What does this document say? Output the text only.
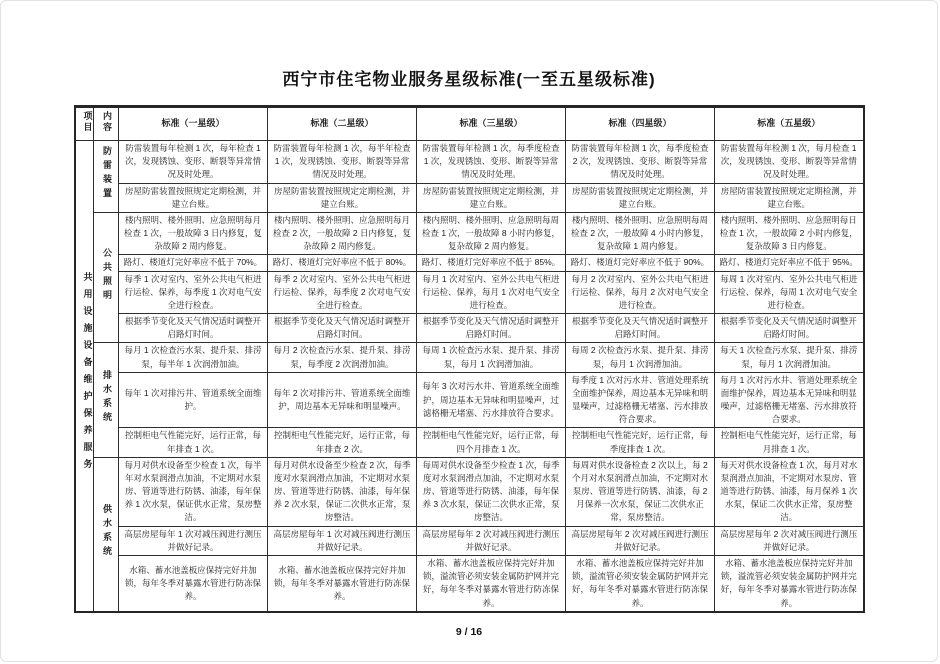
西宁市住宅物业服务星级标准(一至五星级标准)
项目	内容	标准（一星级）	标准（二星级）	标准（三星级）	标准（四星级）	标准（五星级）
共用设施设备维护保养服务	防雷装置	防雷装置每年检测 1 次，每年检查 1 次，发现锈蚀、变形、断裂等异常情况及时处理。	防雷装置每年检测 1 次，每半年检查 1 次，发现锈蚀、变形、断裂等异常情况及时处理。	防雷装置每年检测 1 次，每季度检查 1 次，发现锈蚀、变形、断裂等异常情况及时处理。	防雷装置每年检测 1 次，每季度检查 2 次，发现锈蚀、变形、断裂等异常情况及时处理。	防雷装置每年检测 1 次，每月检查 1 次，发现锈蚀、变形、断裂等异常情况及时处理。
		房屋防雷装置按照规定定期检测，并建立台账。	房屋防雷装置按照规定定期检测，并建立台账。	房屋防雷装置按照规定定期检测，并建立台账。	房屋防雷装置按照规定定期检测，并建立台账。	房屋防雷装置按照规定定期检测，并建立台账。
	公共照明	楼内照明、楼外照明、应急照明每月检查 1 次，一般故障 3 日内修复，复杂故障 2 周内修复。	楼内照明、楼外照明、应急照明每月检查 2 次，一般故障 2 日内修复，复杂故障 2 周内修复。	楼内照明、楼外照明、应急照明每周检查 1 次，一般故障 8 小时内修复，复杂故障 2 周内修复。	楼内照明、楼外照明、应急照明每周检查 2 次，一般故障 4 小时内修复，复杂故障 1 周内修复。	楼内照明、楼外照明、应急照明每日检查 1 次，一般故障 2 小时内修复，复杂故障 3 日内修复。
		路灯、楼道灯完好率应不低于 70%。	路灯、楼道灯完好率应不低于 80%。	路灯、楼道灯完好率应不低于 85%。	路灯、楼道灯完好率应不低于 90%。	路灯、楼道灯完好率应不低于 95%。
		每季 1 次对室内、室外公共电气柜进行运检、保养，每季度 1 次对电气安全进行检查。	每季 2 次对室内、室外公共电气柜进行运检、保养，每季度 2 次对电气安全进行检查。	每月 1 次对室内、室外公共电气柜进行运检、保养，每月 1 次对电气安全进行检查。	每月 2 次对室内、室外公共电气柜进行运检、保养，每月 2 次对电气安全进行检查。	每周 1 次对室内、室外公共电气柜进行运检、保养，每周 1 次对电气安全进行检查。
		根据季节变化及天气情况适时调整开启路灯时间。	根据季节变化及天气情况适时调整开启路灯时间。	根据季节变化及天气情况适时调整开启路灯时间。	根据季节变化及天气情况适时调整开启路灯时间。	根据季节变化及天气情况适时调整开启路灯时间。
	排水系统	每月 1 次检查污水泵、提升泵、排涝泵，每半年 1 次润滑加油。	每月 2 次检查污水泵、提升泵、排涝泵，每季度 2 次润滑加油。	每周 1 次检查污水泵、提升泵、排涝泵，每月 1 次润滑加油。	每周 2 次检查污水泵、提升泵、排涝泵，每月 1 次润滑加油。	每天 1 次检查污水泵、提升泵、排涝泵，每月 1 次润滑加油。
		每年 1 次对排污井、管道系统全面维护。	每年 2 次对排污井、管道系统全面维护，周边基本无异味和明显噪声。	每年 3 次对污水井、管道系统全面维护，周边基本无异味和明显噪声，过滤格栅无堵塞、污水排放符合要求。	每季度 1 次对污水井、管道处理系统全面维护保养，周边基本无异味和明显噪声，过滤格栅无堵塞、污水排放符合要求。	每月 1 次对污水井、管道处理系统全面维护保养，周边基本无异味和明显噪声，过滤格栅无堵塞、污水排放符合要求。
		控制柜电气性能完好，运行正常，每年排查 1 次。	控制柜电气性能完好，运行正常，每年排查 2 次。	控制柜电气性能完好，运行正常，每四个月排查 1 次。	控制柜电气性能完好，运行正常，每季度排查 1 次。	控制柜电气性能完好，运行正常，每月排查 1 次。
	供水系统	每月对供水设备至少检查 1 次，每半年对水泵润滑点加油，不定期对水泵房、管道等进行防锈、油漆，每年保养 1 次水泵，保证供水正常，泵房整洁。	每月对供水设备至少检查 2 次，每季度对水泵润滑点加油，不定期对水泵房、管道等进行防锈、油漆，每年保养 2 次水泵，保证二次供水正常，泵房整洁。	每周对供水设备至少检查 1 次，每季度对水泵润滑点加油，不定期对水泵房、管道等进行防锈、油漆，每年保养 3 次水泵，保证二次供水正常，泵房整洁。	每周对供水设备检查 2 次以上，每 2 个月对水泵润滑点加油，不定期对水泵房、管道等进行防锈、油漆，每 2 月保养一次水泵，保证二次供水正常，泵房整洁。	每天对供水设备检查 1 次，每月对水泵润滑点加油，不定期对水泵房、管道等进行防锈、油漆，每月保养 1 次水泵，保证二次供水正常，泵房整洁。
		高层房屋每年 1 次对减压阀进行测压并做好记录。	高层房屋每年 1 次对减压阀进行测压并做好记录。	高层房屋每年 2 次对减压阀进行测压并做好记录。	高层房屋每年 2 次对减压阀进行测压并做好记录。	高层房屋每年 2 次对减压阀进行测压并做好记录。
		水箱、蓄水池盖板应保持完好并加锁，每年冬季对暴露水管进行防冻保养。	水箱、蓄水池盖板应保持完好并加锁，每年冬季对暴露水管进行防冻保养。	水箱、蓄水池盖板应保持完好并加锁，溢流管必须安装金属防护网并完好，每年冬季对暴露水管进行防冻保养。	水箱、蓄水池盖板应保持完好并加锁，溢流管必须安装金属防护网并完好，每年冬季对暴露水管进行防冻保养。	水箱、蓄水池盖板应保持完好并加锁，溢流管必须安装金属防护网并完好，每年冬季对暴露水管进行防冻保养。
9 / 16
